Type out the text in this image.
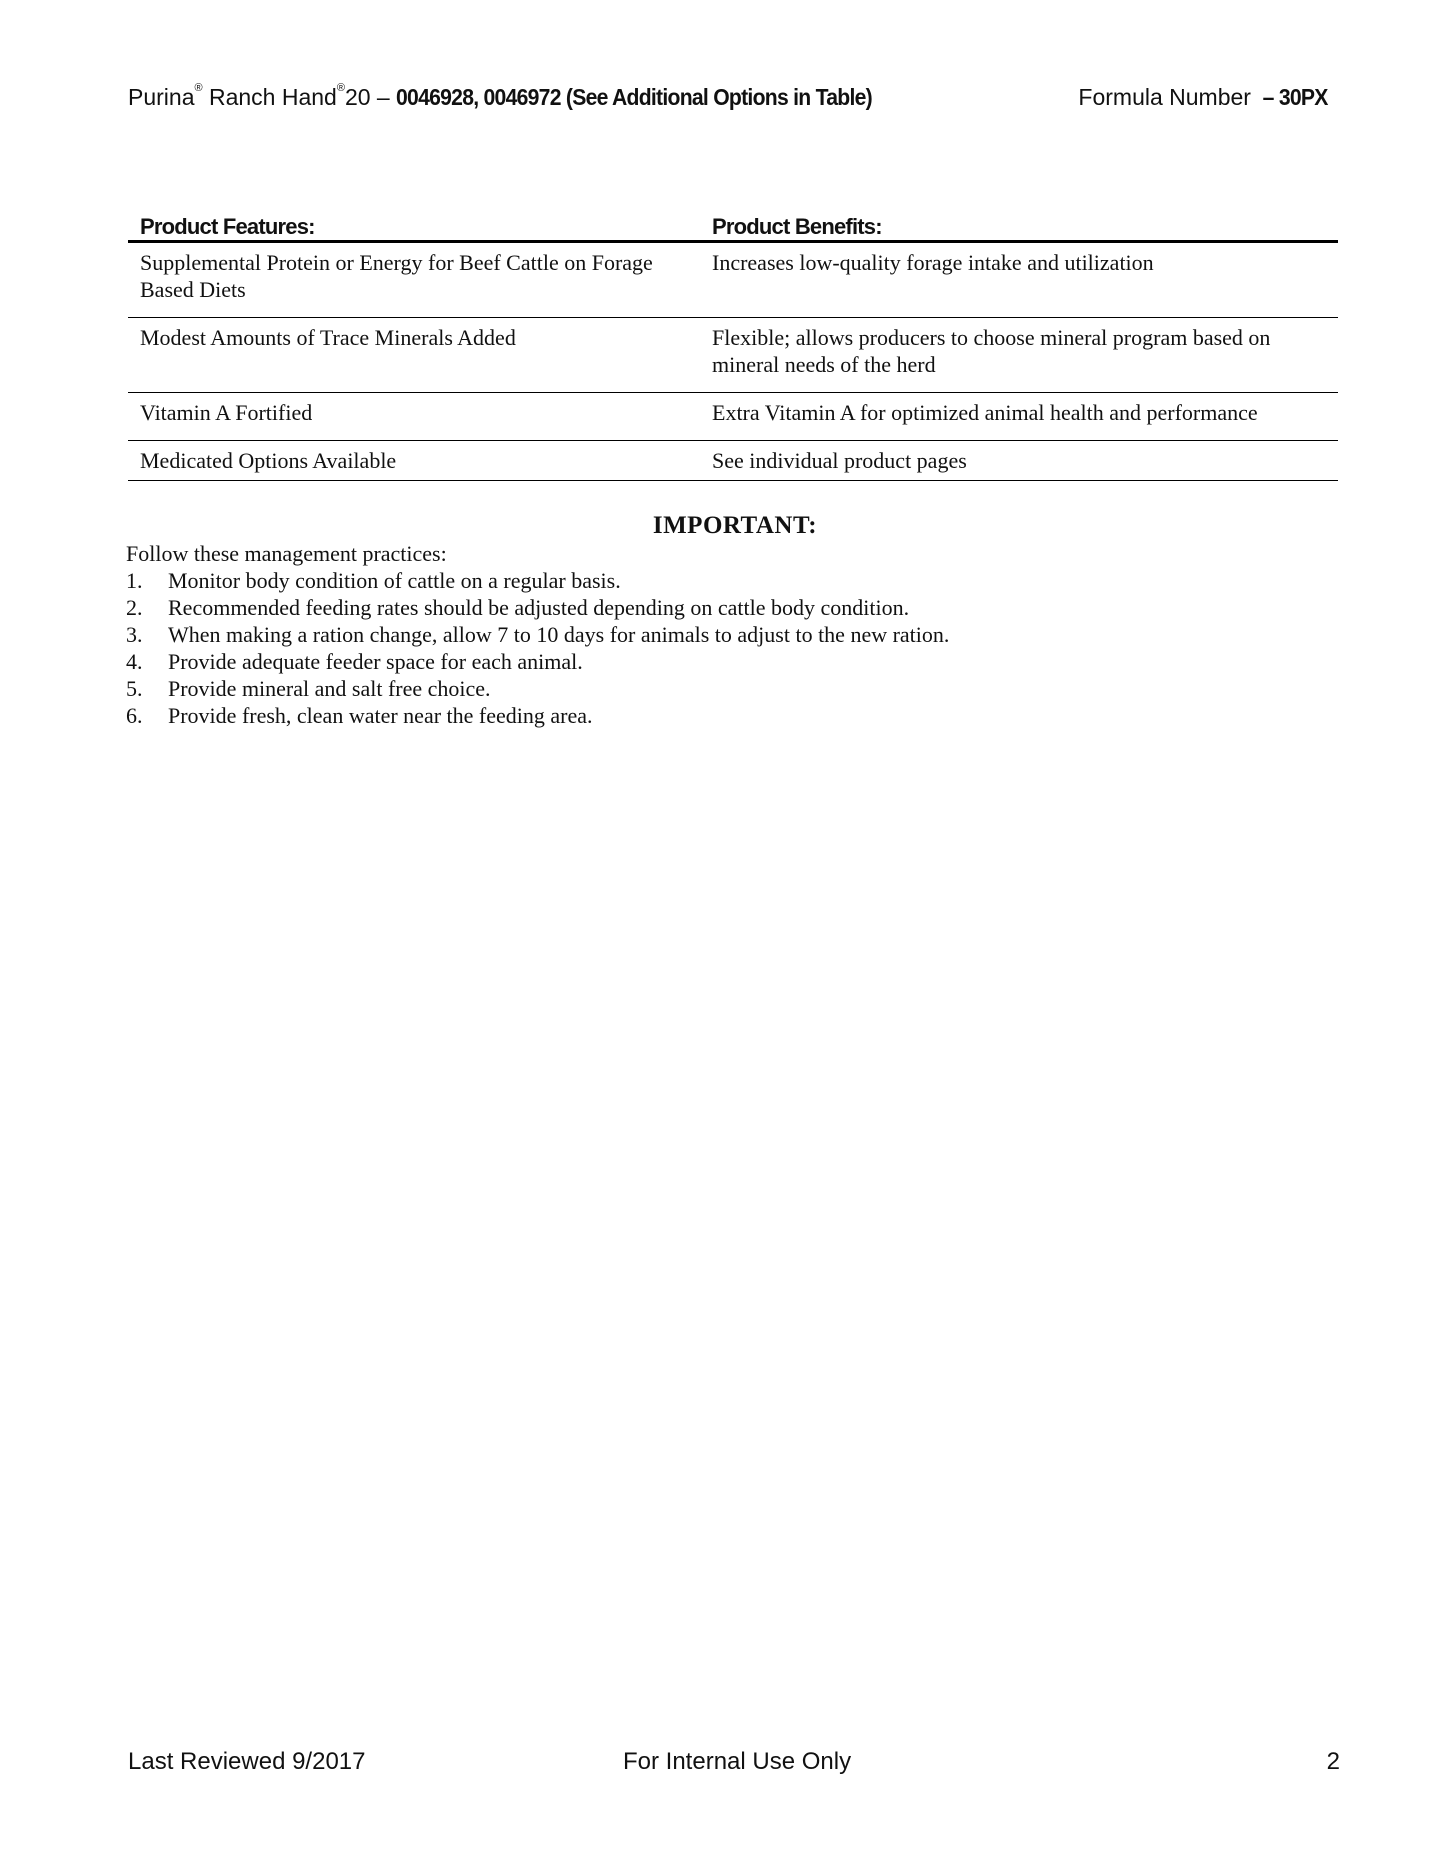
Purina® Ranch Hand®20 – 0046928, 0046972 (See Additional Options in Table)	Formula Number – 30PX
Product Features:	Product Benefits:
Supplemental Protein or Energy for Beef Cattle on Forage Based Diets	Increases low-quality forage intake and utilization
Modest Amounts of Trace Minerals Added	Flexible; allows producers to choose mineral program based on mineral needs of the herd
Vitamin A Fortified	Extra Vitamin A for optimized animal health and performance
Medicated Options Available	See individual product pages
IMPORTANT:
Follow these management practices:
1. Monitor body condition of cattle on a regular basis.
2. Recommended feeding rates should be adjusted depending on cattle body condition.
3. When making a ration change, allow 7 to 10 days for animals to adjust to the new ration.
4. Provide adequate feeder space for each animal.
5. Provide mineral and salt free choice.
6. Provide fresh, clean water near the feeding area.
Last Reviewed 9/2017	For Internal Use Only	2
